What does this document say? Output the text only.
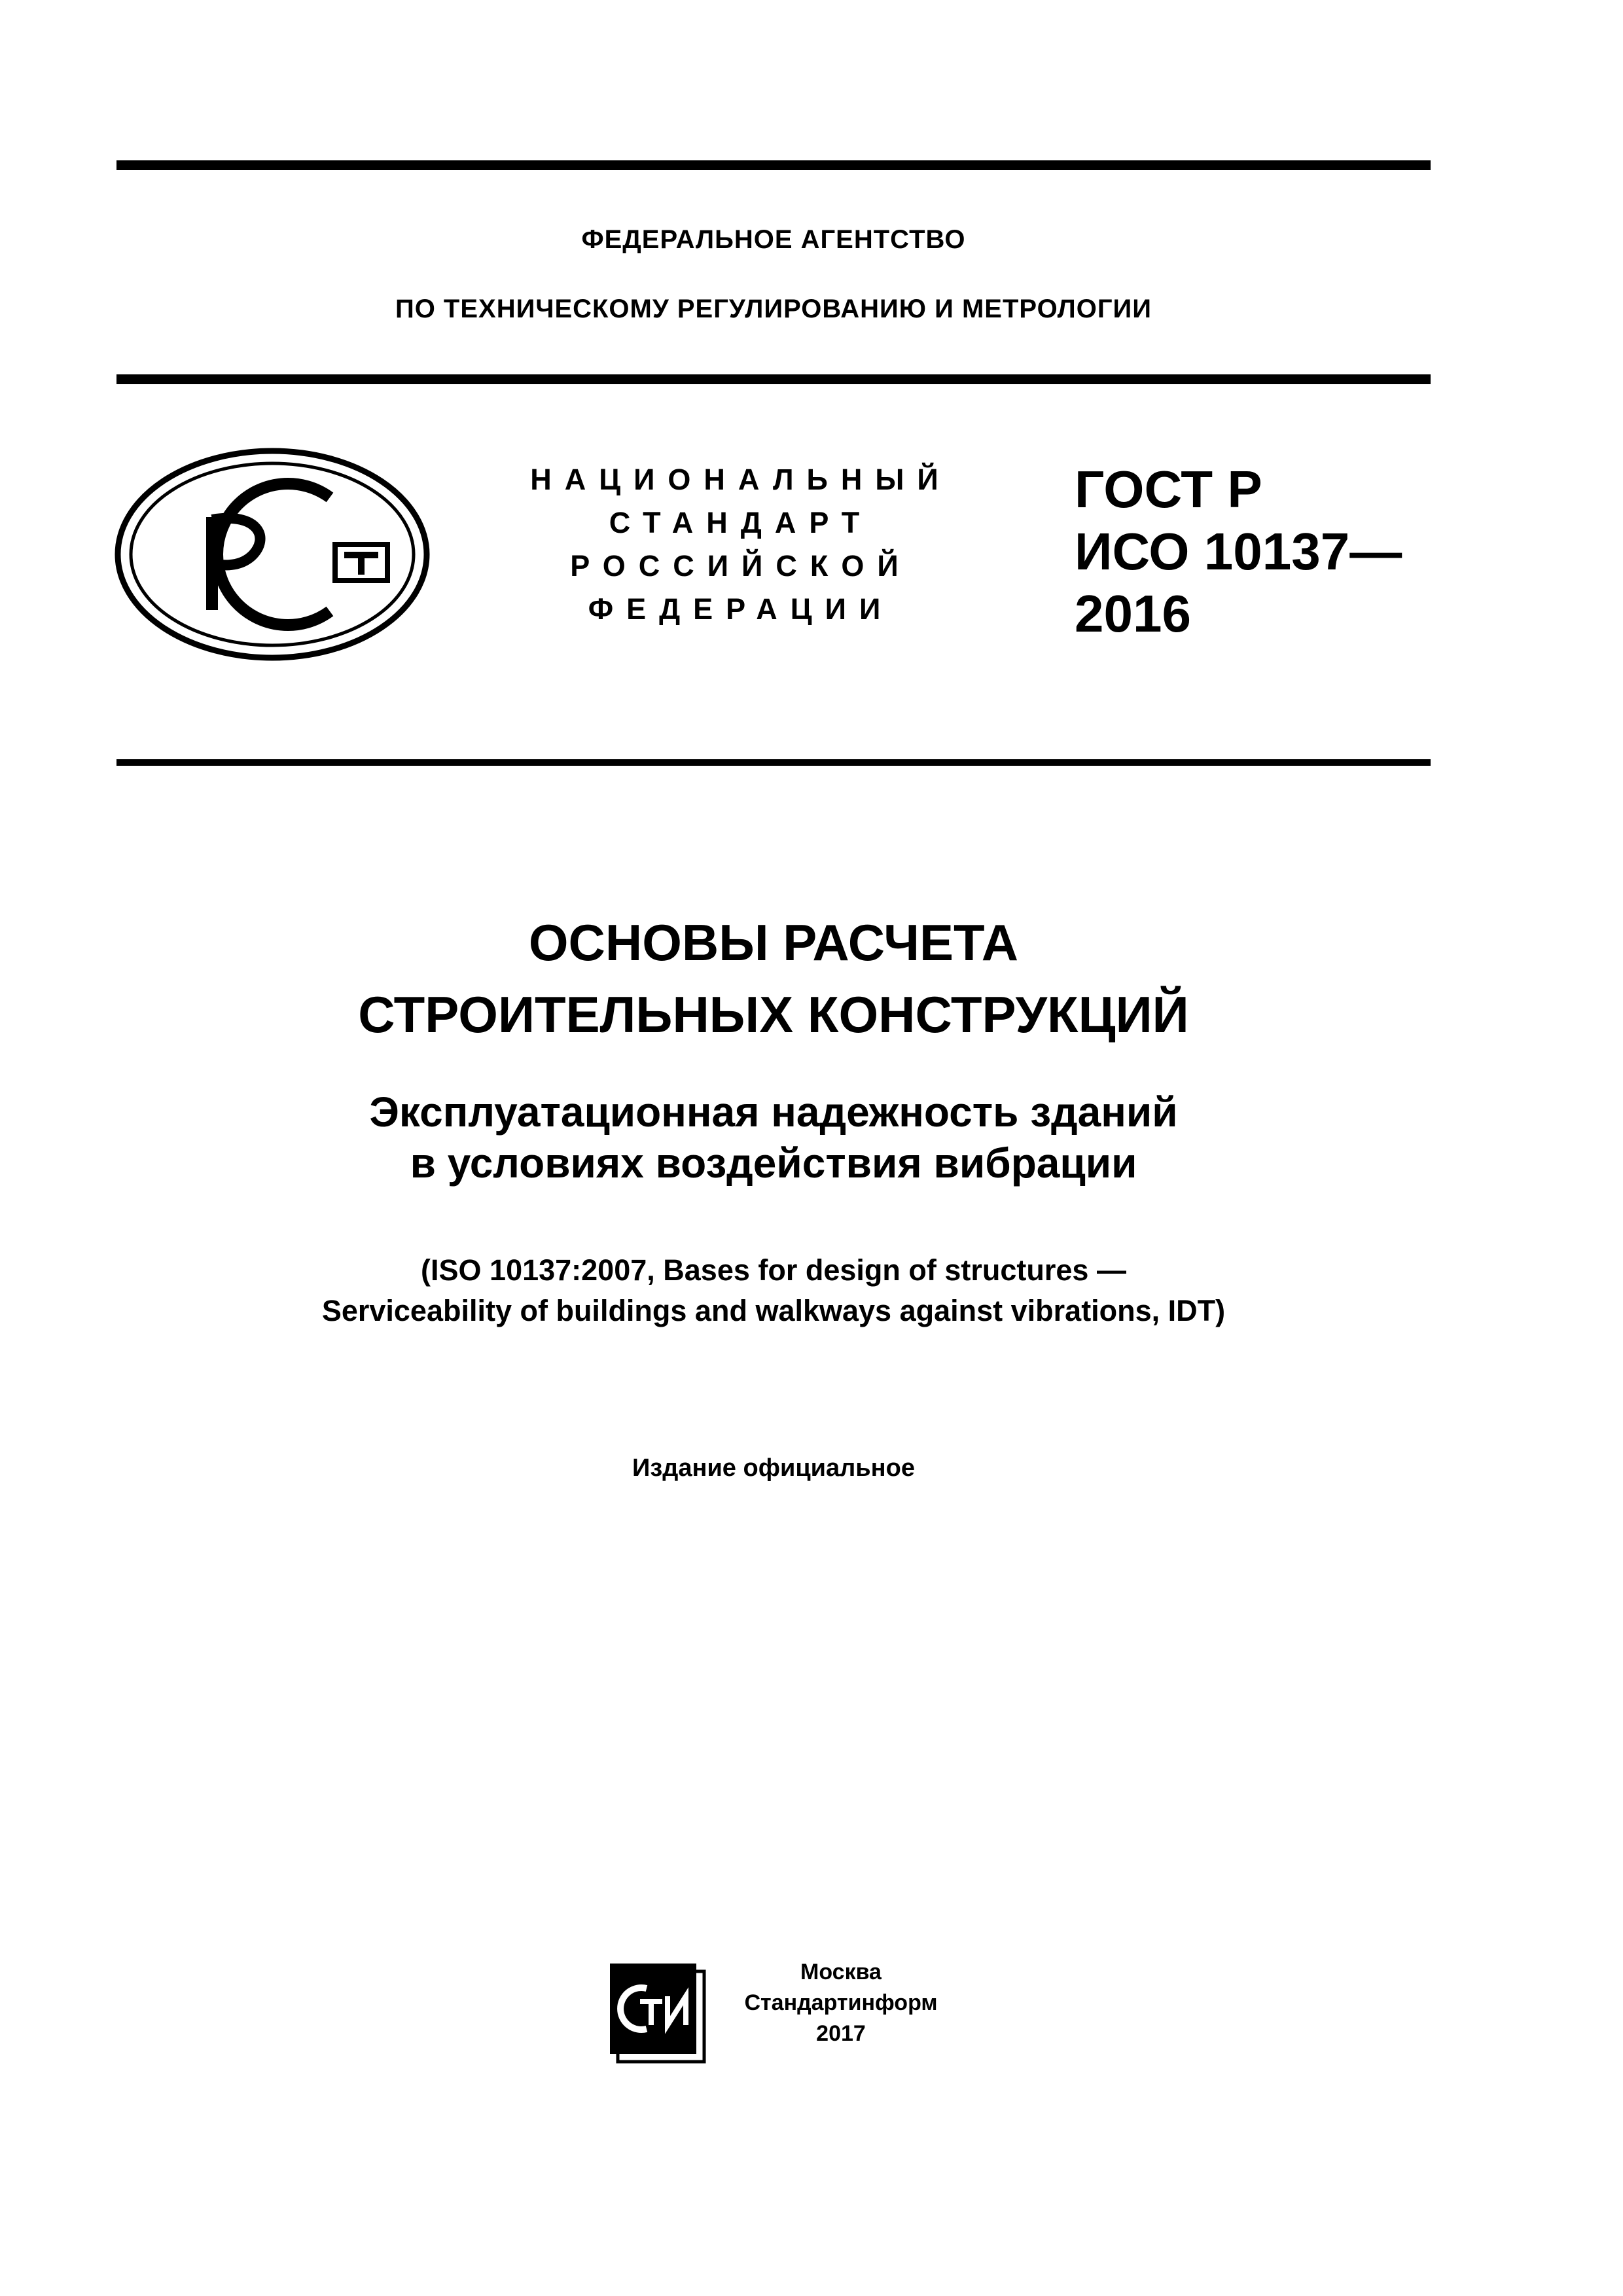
ФЕДЕРАЛЬНОЕ АГЕНТСТВО
ПО ТЕХНИЧЕСКОМУ РЕГУЛИРОВАНИЮ И МЕТРОЛОГИИ
НАЦИОНАЛЬНЫЙ
СТАНДАРТ
РОССИЙСКОЙ
ФЕДЕРАЦИИ
ГОСТ Р
ИСО 10137—
2016
ОСНОВЫ РАСЧЕТА
СТРОИТЕЛЬНЫХ КОНСТРУКЦИЙ
Эксплуатационная надежность зданий
в условиях воздействия вибрации
(ISO 10137:2007, Bases for design of structures —
Serviceability of buildings and walkways against vibrations, IDT)
Издание официальное
Москва
Стандартинформ
2017
